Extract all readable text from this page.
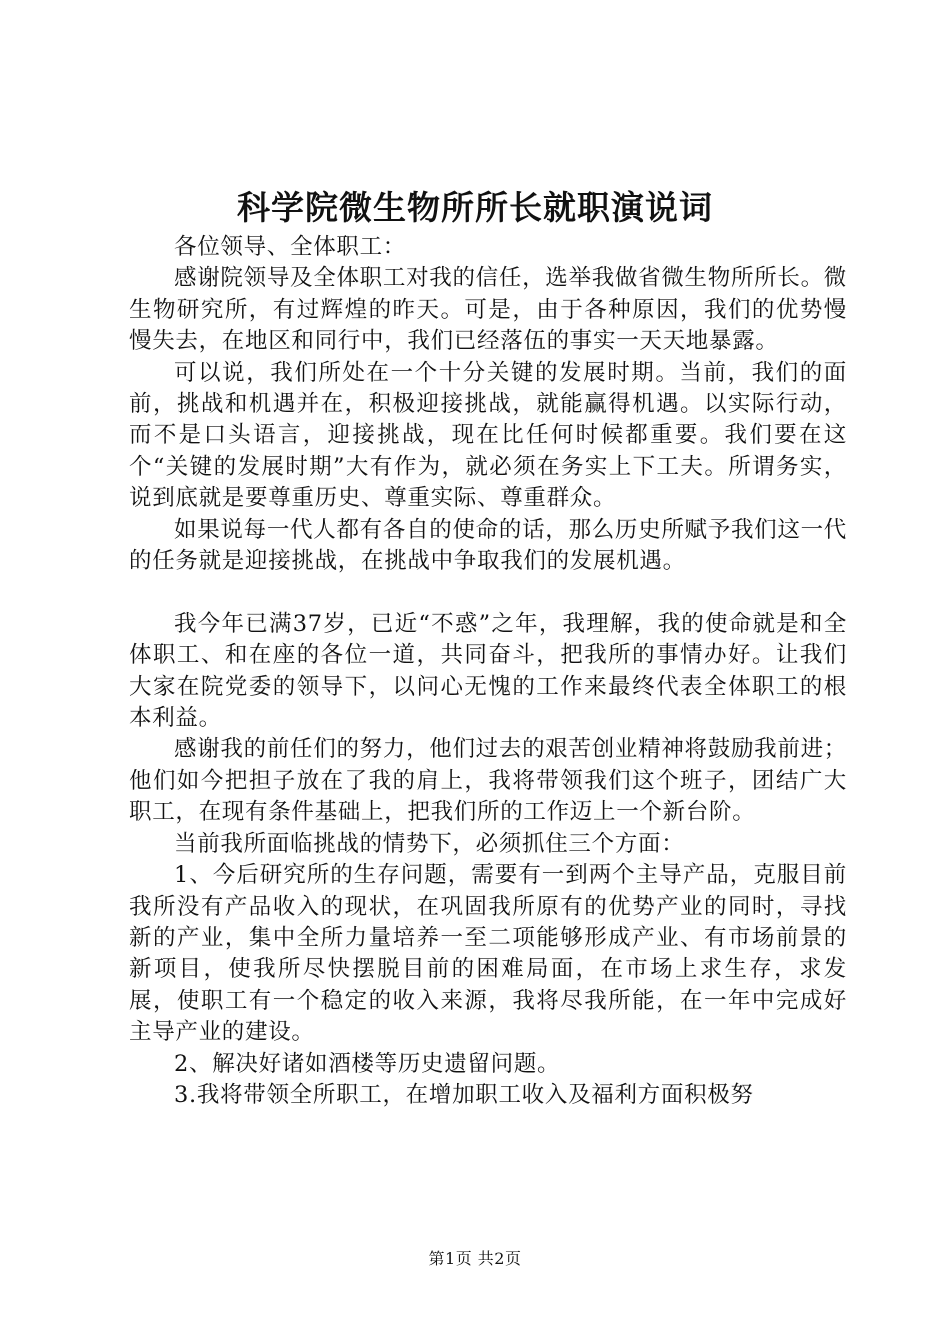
科学院微生物所所长就职演说词

各位领导、全体职工：

感谢院领导及全体职工对我的信任，选举我做省微生物所所长。微生物研究所，有过辉煌的昨天。可是，由于各种原因，我们的优势慢慢失去，在地区和同行中，我们已经落伍的事实一天天地暴露。

可以说，我们所处在一个十分关键的发展时期。当前，我们的面前，挑战和机遇并在，积极迎接挑战，就能赢得机遇。以实际行动，而不是口头语言，迎接挑战，现在比任何时候都重要。我们要在这个“关键的发展时期”大有作为，就必须在务实上下工夫。所谓务实，说到底就是要尊重历史、尊重实际、尊重群众。

如果说每一代人都有各自的使命的话，那么历史所赋予我们这一代的任务就是迎接挑战，在挑战中争取我们的发展机遇。

我今年已满37岁，已近“不惑”之年，我理解，我的使命就是和全体职工、和在座的各位一道，共同奋斗，把我所的事情办好。让我们大家在院党委的领导下，以问心无愧的工作来最终代表全体职工的根本利益。

感谢我的前任们的努力，他们过去的艰苦创业精神将鼓励我前进；他们如今把担子放在了我的肩上，我将带领我们这个班子，团结广大职工，在现有条件基础上，把我们所的工作迈上一个新台阶。

当前我所面临挑战的情势下，必须抓住三个方面：

1、今后研究所的生存问题，需要有一到两个主导产品，克服目前我所没有产品收入的现状，在巩固我所原有的优势产业的同时，寻找新的产业，集中全所力量培养一至二项能够形成产业、有市场前景的新项目，使我所尽快摆脱目前的困难局面，在市场上求生存，求发展，使职工有一个稳定的收入来源，我将尽我所能，在一年中完成好主导产业的建设。

2、解决好诸如酒楼等历史遗留问题。

3.我将带领全所职工，在增加职工收入及福利方面积极努

第1页 共2页
